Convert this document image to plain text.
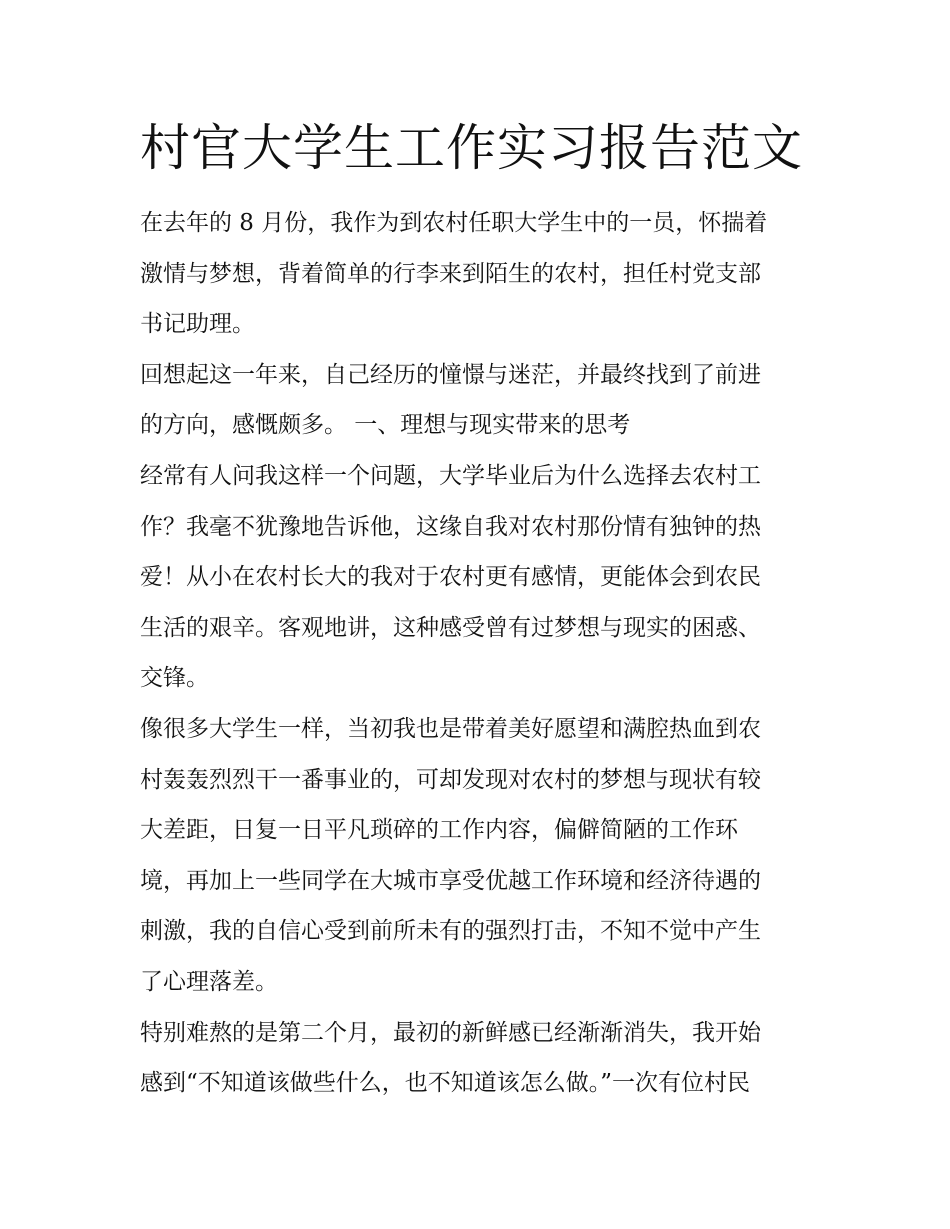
村官大学生工作实习报告范文
在去年的 8 月份，我作为到农村任职大学生中的一员，怀揣着
激情与梦想，背着简单的行李来到陌生的农村，担任村党支部
书记助理。
回想起这一年来，自己经历的憧憬与迷茫，并最终找到了前进
的方向，感慨颇多。 一、理想与现实带来的思考
经常有人问我这样一个问题，大学毕业后为什么选择去农村工
作？我毫不犹豫地告诉他，这缘自我对农村那份情有独钟的热
爱！从小在农村长大的我对于农村更有感情，更能体会到农民
生活的艰辛。客观地讲，这种感受曾有过梦想与现实的困惑、
交锋。
像很多大学生一样，当初我也是带着美好愿望和满腔热血到农
村轰轰烈烈干一番事业的，可却发现对农村的梦想与现状有较
大差距，日复一日平凡琐碎的工作内容，偏僻简陋的工作环
境，再加上一些同学在大城市享受优越工作环境和经济待遇的
刺激，我的自信心受到前所未有的强烈打击，不知不觉中产生
了心理落差。
特别难熬的是第二个月，最初的新鲜感已经渐渐消失，我开始
感到“不知道该做些什么，也不知道该怎么做。”一次有位村民
